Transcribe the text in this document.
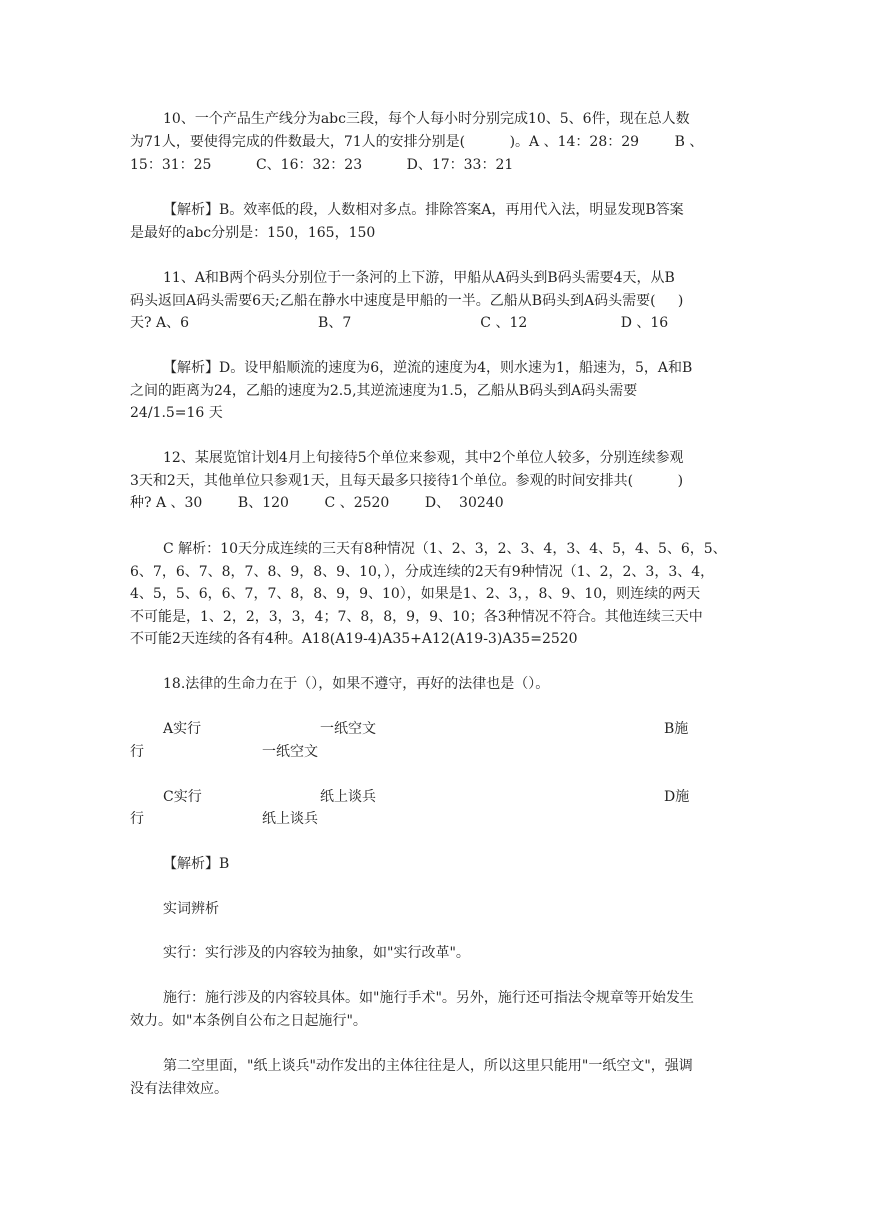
10、一个产品生产线分为abc三段，每个人每小时分别完成10、5、6件，现在总人数
为71人，要使得完成的件数最大，71人的安排分别是(          )。A 、14：28：29        B 、
15：31：25          C、16：32：23          D、17：33：21
【解析】B。效率低的段，人数相对多点。排除答案A，再用代入法，明显发现B答案
是最好的abc分别是：150，165，150
11、A和B两个码头分别位于一条河的上下游，甲船从A码头到B码头需要4天，从B
码头返回A码头需要6天;乙船在静水中速度是甲船的一半。乙船从B码头到A码头需要(     )
天? A、6                             B、7                             C 、12                     D 、16
【解析】D。设甲船顺流的速度为6，逆流的速度为4，则水速为1，船速为，5，A和B
之间的距离为24，乙船的速度为2.5,其逆流速度为1.5，乙船从B码头到A码头需要
24/1.5=16 天
12、某展览馆计划4月上旬接待5个单位来参观，其中2个单位人较多，分别连续参观
3天和2天，其他单位只参观1天，且每天最多只接待1个单位。参观的时间安排共(          )
种? A 、30        B、120        C 、2520        D、  30240
C 解析：10天分成连续的三天有8种情况（1、2、3，2、3、4，3、4、5，4、5、6，5、
6、7，6、7、8，7、8、9，8、9、10，），分成连续的2天有9种情况（1、2，2、3，3、4，
4、5，5、6，6、7，7、8，8、9，9、10），如果是1、2、3，，8、9、10，则连续的两天
不可能是，1、2，2，3，3，4；7、8，8，9，9、10；各3种情况不符合。其他连续三天中
不可能2天连续的各有4种。A18(A19-4)A35+A12(A19-3)A35=2520
18.法律的生命力在于（），如果不遵守，再好的法律也是（）。
A实行	一纸空文	B施
行	一纸空文
C实行	纸上谈兵	D施
行	纸上谈兵
【解析】B
实词辨析
实行：实行涉及的内容较为抽象，如"实行改革"。
施行：施行涉及的内容较具体。如"施行手术"。另外，施行还可指法令规章等开始发生
效力。如"本条例自公布之日起施行"。
第二空里面，"纸上谈兵"动作发出的主体往往是人，所以这里只能用"一纸空文"，强调
没有法律效应。
